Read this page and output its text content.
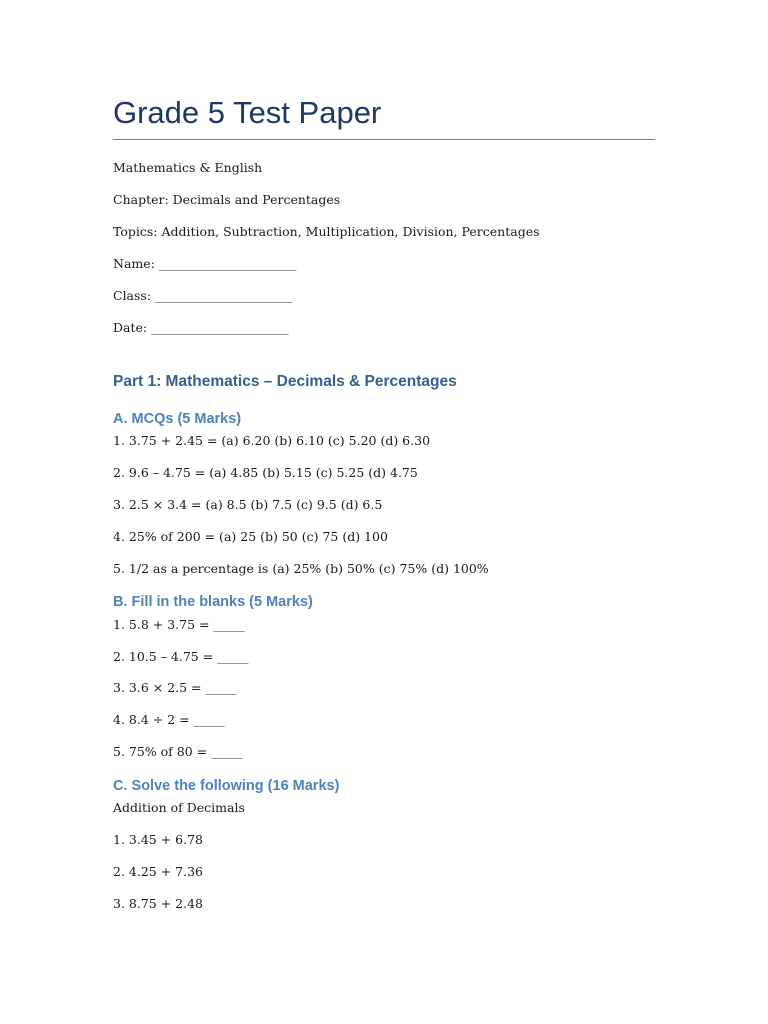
Grade 5 Test Paper

Mathematics & English

Chapter: Decimals and Percentages

Topics: Addition, Subtraction, Multiplication, Division, Percentages

Name: ______________________

Class: ______________________

Date: ______________________

Part 1: Mathematics – Decimals & Percentages
A. MCQs (5 Marks)

1. 3.75 + 2.45 = (a) 6.20 (b) 6.10 (c) 5.20 (d) 6.30

2. 9.6 – 4.75 = (a) 4.85 (b) 5.15 (c) 5.25 (d) 4.75

3. 2.5 × 3.4 = (a) 8.5 (b) 7.5 (c) 9.5 (d) 6.5

4. 25% of 200 = (a) 25 (b) 50 (c) 75 (d) 100

5. 1/2 as a percentage is (a) 25% (b) 50% (c) 75% (d) 100%

B. Fill in the blanks (5 Marks)

1. 5.8 + 3.75 = _____

2. 10.5 – 4.75 = _____

3. 3.6 × 2.5 = _____

4. 8.4 ÷ 2 = _____

5. 75% of 80 = _____

C. Solve the following (16 Marks)

Addition of Decimals

1. 3.45 + 6.78

2. 4.25 + 7.36

3. 8.75 + 2.48
